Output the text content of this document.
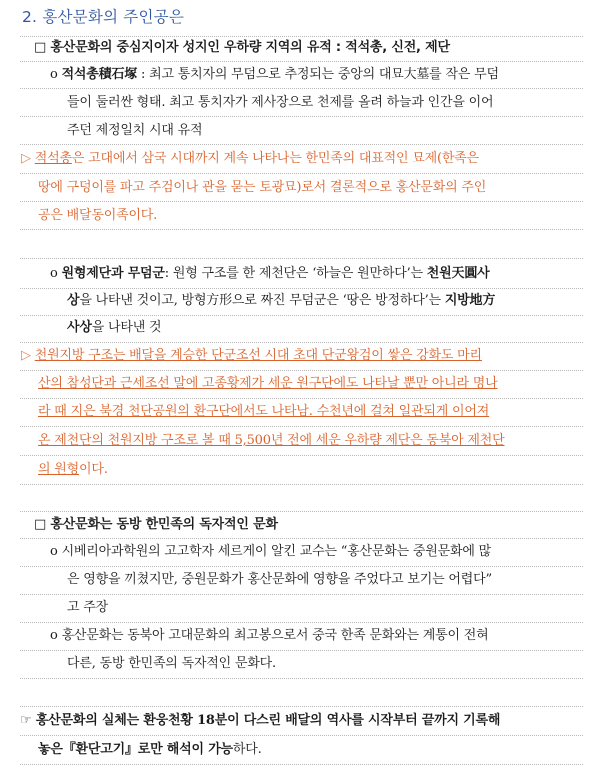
2. 홍산문화의 주인공은
□ 홍산문화의 중심지이자 성지인 우하량 지역의 유적 : 적석총, 신전, 제단
o 적석총積石塚 : 최고 통치자의 무덤으로 추정되는 중앙의 대묘大墓를 작은 무덤
들이 둘러싼 형태. 최고 통치자가 제사장으로 천제를 올려 하늘과 인간을 이어
주던 제정일치 시대 유적
▷ 적석총은 고대에서 삼국 시대까지 계속 나타나는 한민족의 대표적인 묘제(한족은
땅에 구덩이를 파고 주검이나 관을 묻는 토광묘)로서 결론적으로 홍산문화의 주인
공은 배달동이족이다.
o 원형제단과 무덤군: 원형 구조를 한 제천단은 ‘하늘은 원만하다’는 천원天圓사
상을 나타낸 것이고, 방형方形으로 짜진 무덤군은 ‘땅은 방정하다’는 지방地方
사상을 나타낸 것
▷ 천원지방 구조는 배달을 계승한 단군조선 시대 초대 단군왕검이 쌓은 강화도 마리
산의 참성단과 근세조선 말에 고종황제가 세운 원구단에도 나타날 뿐만 아니라 명나
라 때 지은 북경 천단공원의 환구단에서도 나타남. 수천년에 걸쳐 일관되게 이어져
온 제천단의 천원지방 구조로 볼 때 5,500년 전에 세운 우하량 제단은 동북아 제천단
의 원형이다.
□ 홍산문화는 동방 한민족의 독자적인 문화
o 시베리아과학원의 고고학자 세르게이 알킨 교수는 “홍산문화는 중원문화에 많
은 영향을 끼쳤지만, 중원문화가 홍산문화에 영향을 주었다고 보기는 어렵다”
고 주장
o 홍산문화는 동북아 고대문화의 최고봉으로서 중국 한족 문화와는 계통이 전혀
다른, 동방 한민족의 독자적인 문화다.
☞ 홍산문화의 실체는 환웅천황 18분이 다스린 배달의 역사를 시작부터 끝까지 기록해
놓은『환단고기』로만 해석이 가능하다.
